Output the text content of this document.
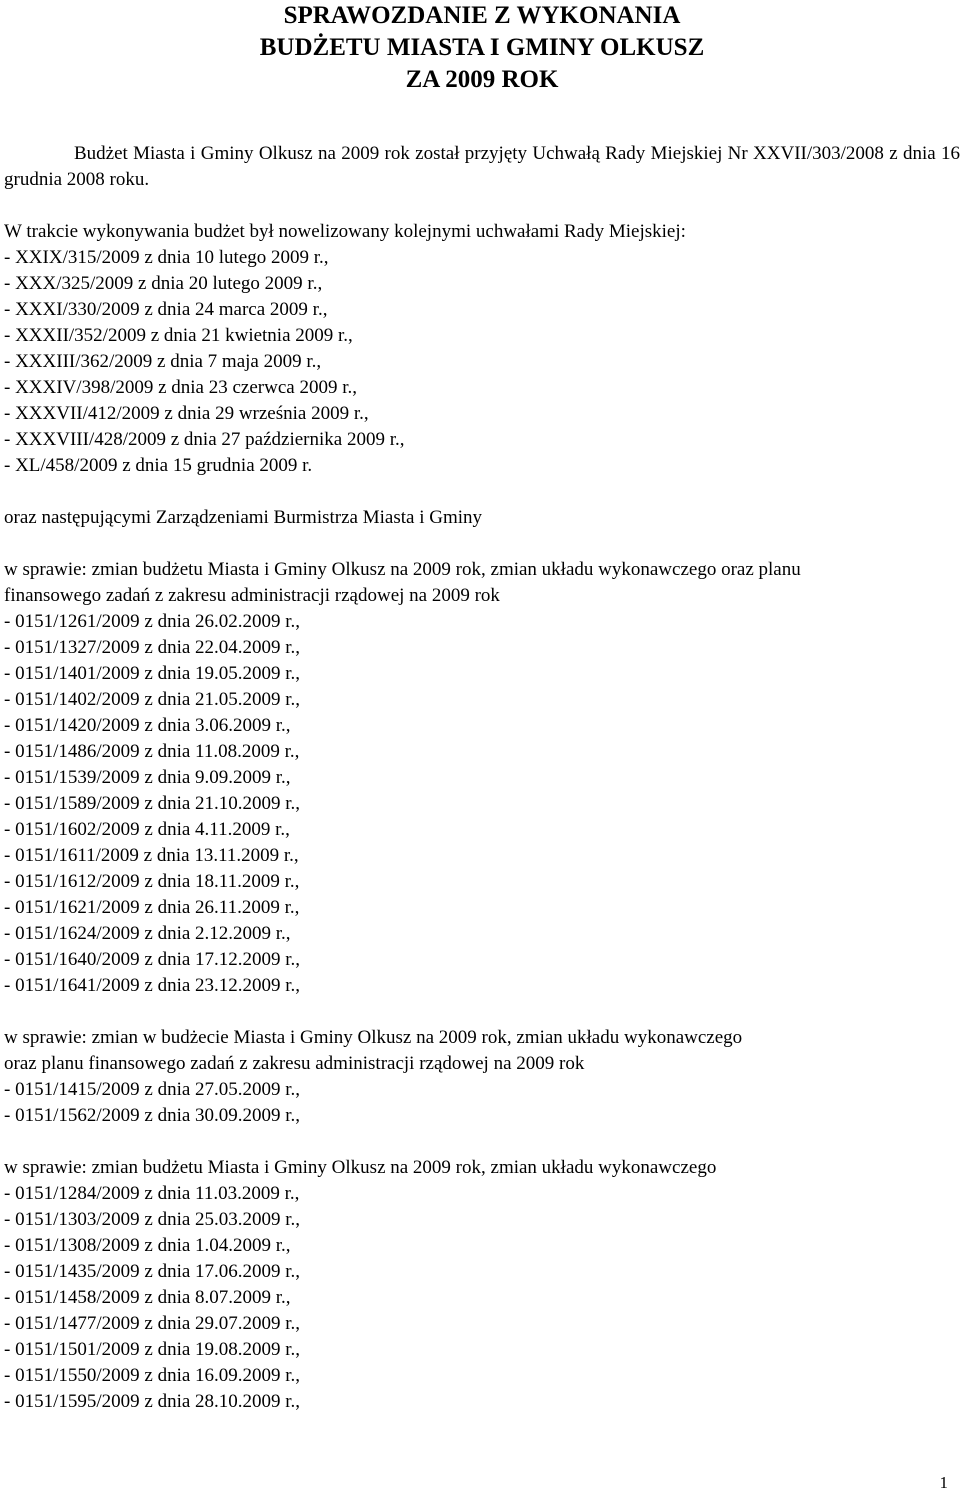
SPRAWOZDANIE Z WYKONANIA
BUDŻETU MIASTA I GMINY OLKUSZ
ZA 2009 ROK
Budżet Miasta i Gminy Olkusz na 2009 rok został przyjęty Uchwałą Rady Miejskiej Nr XXVII/303/2008 z dnia 16 grudnia 2008 roku.
W trakcie wykonywania budżet był nowelizowany kolejnymi uchwałami Rady Miejskiej:
- XXIX/315/2009 z dnia 10 lutego 2009 r.,
- XXX/325/2009 z dnia 20 lutego 2009 r.,
- XXXI/330/2009 z dnia 24 marca 2009 r.,
- XXXII/352/2009 z dnia 21 kwietnia 2009 r.,
- XXXIII/362/2009 z dnia 7 maja 2009 r.,
- XXXIV/398/2009 z dnia 23 czerwca 2009 r.,
- XXXVII/412/2009 z dnia 29 września 2009 r.,
- XXXVIII/428/2009 z dnia 27 października 2009 r.,
- XL/458/2009 z dnia 15 grudnia 2009 r.
oraz następującymi Zarządzeniami Burmistrza Miasta i Gminy
w sprawie: zmian budżetu Miasta i Gminy Olkusz na 2009 rok, zmian układu wykonawczego oraz planu
finansowego zadań z zakresu administracji rządowej na 2009 rok
- 0151/1261/2009 z dnia 26.02.2009 r.,
- 0151/1327/2009 z dnia 22.04.2009 r.,
- 0151/1401/2009 z dnia 19.05.2009 r.,
- 0151/1402/2009 z dnia 21.05.2009 r.,
- 0151/1420/2009 z dnia 3.06.2009 r.,
- 0151/1486/2009 z dnia 11.08.2009 r.,
- 0151/1539/2009 z dnia 9.09.2009 r.,
- 0151/1589/2009 z dnia 21.10.2009 r.,
- 0151/1602/2009 z dnia 4.11.2009 r.,
- 0151/1611/2009 z dnia 13.11.2009 r.,
- 0151/1612/2009 z dnia 18.11.2009 r.,
- 0151/1621/2009 z dnia 26.11.2009 r.,
- 0151/1624/2009 z dnia 2.12.2009 r.,
- 0151/1640/2009 z dnia 17.12.2009 r.,
- 0151/1641/2009 z dnia 23.12.2009 r.,
w sprawie: zmian w budżecie Miasta i Gminy Olkusz na 2009 rok, zmian układu wykonawczego
oraz planu finansowego zadań z zakresu administracji rządowej na 2009 rok
- 0151/1415/2009 z dnia 27.05.2009 r.,
- 0151/1562/2009 z dnia 30.09.2009 r.,
w sprawie: zmian budżetu Miasta i Gminy Olkusz na 2009 rok, zmian układu wykonawczego
- 0151/1284/2009 z dnia 11.03.2009 r.,
- 0151/1303/2009 z dnia 25.03.2009 r.,
- 0151/1308/2009 z dnia 1.04.2009 r.,
- 0151/1435/2009 z dnia 17.06.2009 r.,
- 0151/1458/2009 z dnia 8.07.2009 r.,
- 0151/1477/2009 z dnia 29.07.2009 r.,
- 0151/1501/2009 z dnia 19.08.2009 r.,
- 0151/1550/2009 z dnia 16.09.2009 r.,
- 0151/1595/2009 z dnia 28.10.2009 r.,
1
